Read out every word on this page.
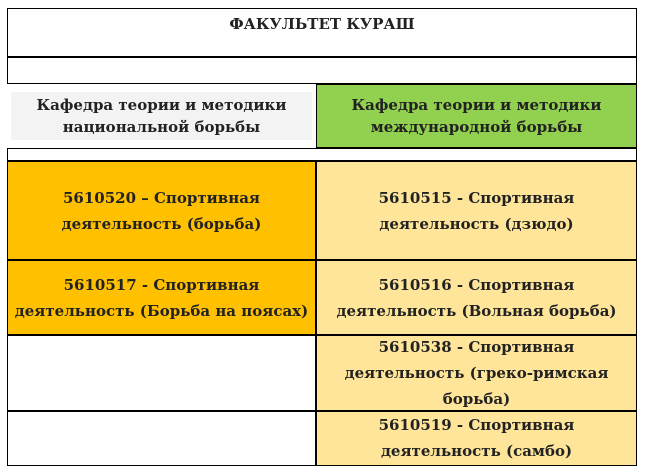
ФАКУЛЬТЕТ КУРАШ
Кафедра теории и методики национальной борьбы
Кафедра теории и методики международной борьбы
5610520 – Спортивная деятельность (борьба)
5610515 - Спортивная деятельность (дзюдо)
5610517 - Спортивная деятельность (Борьба на поясах)
5610516 - Спортивная деятельность (Вольная борьба)
5610538 - Спортивная деятельность (греко-римская борьба)
5610519 - Спортивная деятельность (самбо)
